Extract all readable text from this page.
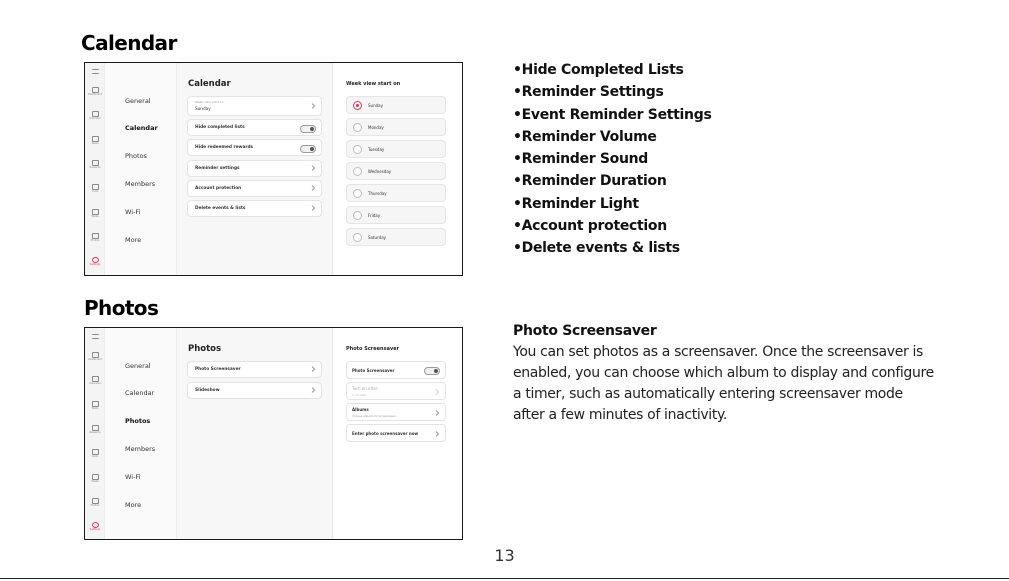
Calendar
Dashboard
Calendar
Tasks
Rewards
Lists
Meals
Photos
Settings
General
Calendar
Photos
Members
Wi-Fi
More
Calendar
Week view start on
Sunday
Hide completed lists
Hide redeemed rewards
Reminder settings
Account protection
Delete events & lists
Week view start on
Sunday
Monday
Tuesday
Wednesday
Thursday
Friday
Saturday
•Hide Completed Lists
•Reminder Settings
•Event Reminder Settings
•Reminder Volume
•Reminder Sound
•Reminder Duration
•Reminder Light
•Account protection
•Delete events & lists
Photos
Dashboard
Calendar
Tasks
Rewards
Lists
Meals
Photos
Settings
General
Calendar
Photos
Members
Wi-Fi
More
Photos
Photo Screensaver
Slideshow
Photo Screensaver
Photo Screensaver
Turn on after
5 minutes
Albums
Choose albums for screensaver
Enter photo screensaver now
Photo Screensaver
You can set photos as a screensaver. Once the screensaver is enabled, you can choose which album to display and configure a timer, such as automatically entering screensaver mode after a few minutes of inactivity.
13
